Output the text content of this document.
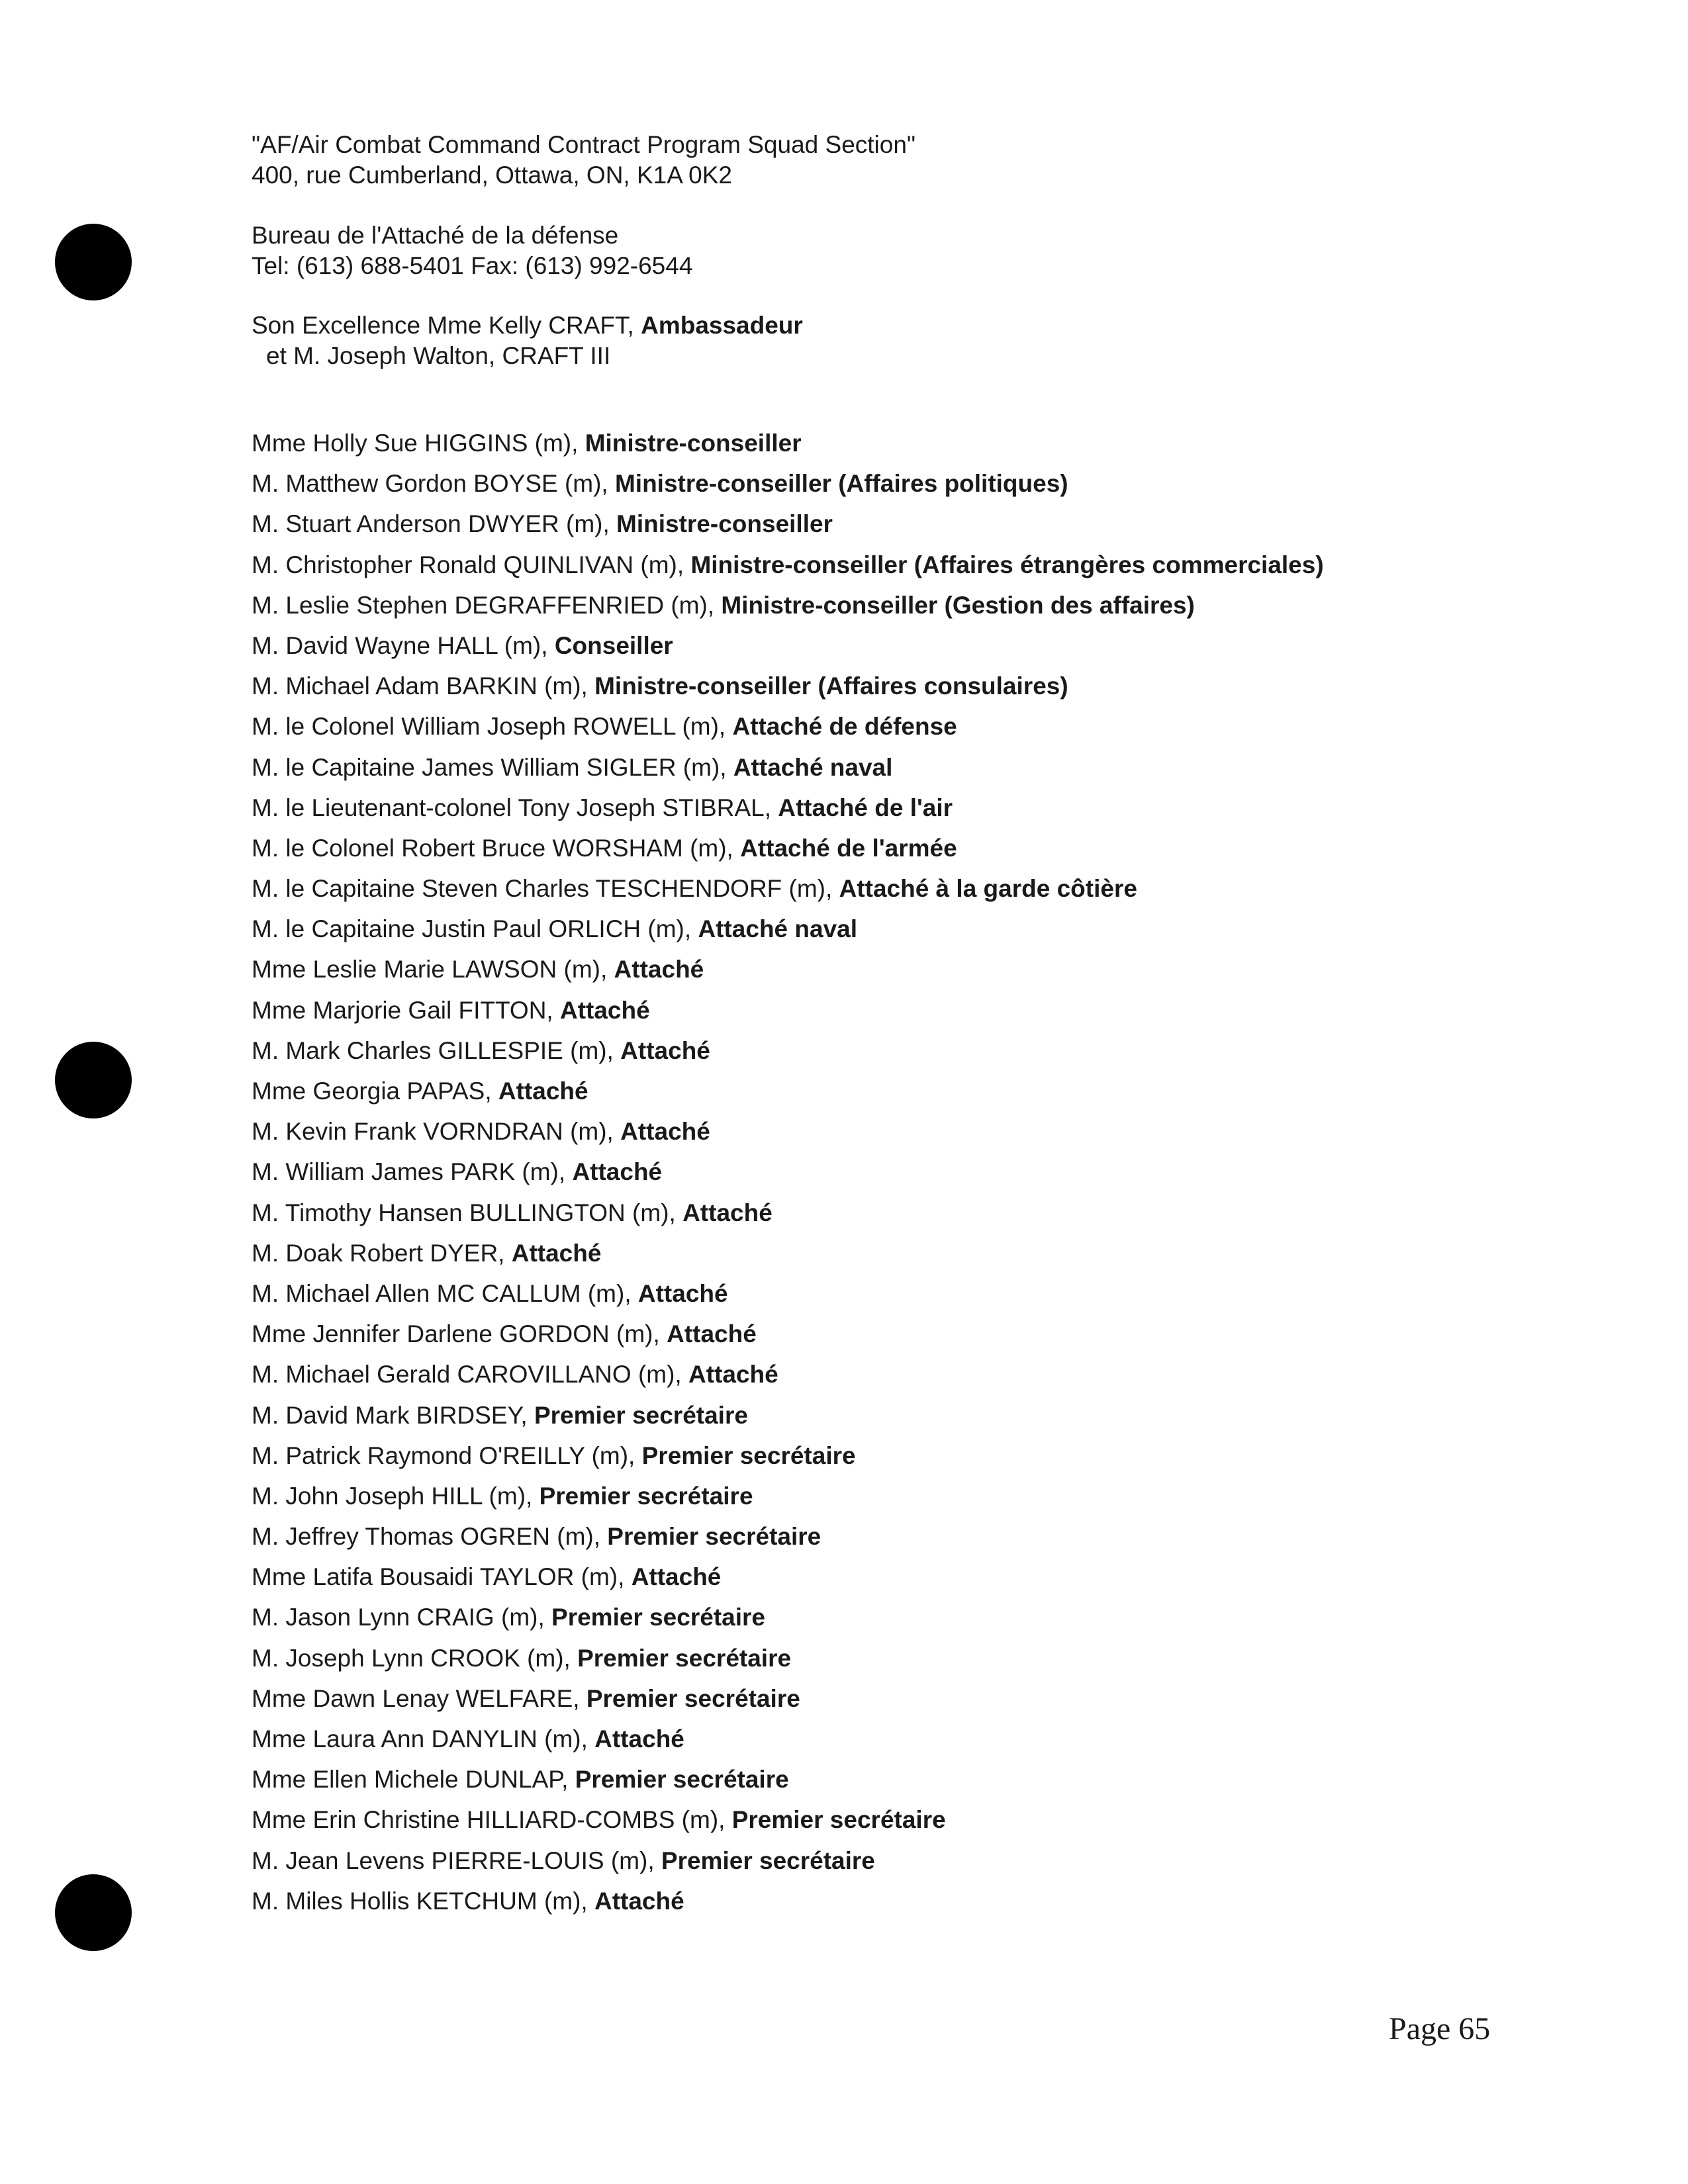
"AF/Air Combat Command Contract Program Squad Section"
400, rue Cumberland, Ottawa, ON, K1A 0K2
Bureau de l'Attaché de la défense
Tel: (613) 688-5401 Fax: (613) 992-6544
Son Excellence Mme Kelly CRAFT, Ambassadeur
et M. Joseph Walton, CRAFT III
Mme Holly Sue HIGGINS (m), Ministre-conseiller
M. Matthew Gordon BOYSE (m), Ministre-conseiller (Affaires politiques)
M. Stuart Anderson DWYER (m), Ministre-conseiller
M. Christopher Ronald QUINLIVAN (m), Ministre-conseiller (Affaires étrangères commerciales)
M. Leslie Stephen DEGRAFFENRIED (m), Ministre-conseiller (Gestion des affaires)
M. David Wayne HALL (m), Conseiller
M. Michael Adam BARKIN (m), Ministre-conseiller (Affaires consulaires)
M. le Colonel William Joseph ROWELL (m), Attaché de défense
M. le Capitaine James William SIGLER (m), Attaché naval
M. le Lieutenant-colonel Tony Joseph STIBRAL, Attaché de l'air
M. le Colonel Robert Bruce WORSHAM (m), Attaché de l'armée
M. le Capitaine Steven Charles TESCHENDORF (m), Attaché à la garde côtière
M. le Capitaine Justin Paul ORLICH (m), Attaché naval
Mme Leslie Marie LAWSON (m), Attaché
Mme Marjorie Gail FITTON, Attaché
M. Mark Charles GILLESPIE (m), Attaché
Mme Georgia PAPAS, Attaché
M. Kevin Frank VORNDRAN (m), Attaché
M. William James PARK (m), Attaché
M. Timothy Hansen BULLINGTON (m), Attaché
M. Doak Robert DYER, Attaché
M. Michael Allen MC CALLUM (m), Attaché
Mme Jennifer Darlene GORDON (m), Attaché
M. Michael Gerald CAROVILLANO (m), Attaché
M. David Mark BIRDSEY, Premier secrétaire
M. Patrick Raymond O'REILLY (m), Premier secrétaire
M. John Joseph HILL (m), Premier secrétaire
M. Jeffrey Thomas OGREN (m), Premier secrétaire
Mme Latifa Bousaidi TAYLOR (m), Attaché
M. Jason Lynn CRAIG (m), Premier secrétaire
M. Joseph Lynn CROOK (m), Premier secrétaire
Mme Dawn Lenay WELFARE, Premier secrétaire
Mme Laura Ann DANYLIN (m), Attaché
Mme Ellen Michele DUNLAP, Premier secrétaire
Mme Erin Christine HILLIARD-COMBS (m), Premier secrétaire
M. Jean Levens PIERRE-LOUIS (m), Premier secrétaire
M. Miles Hollis KETCHUM (m), Attaché
Page 65
